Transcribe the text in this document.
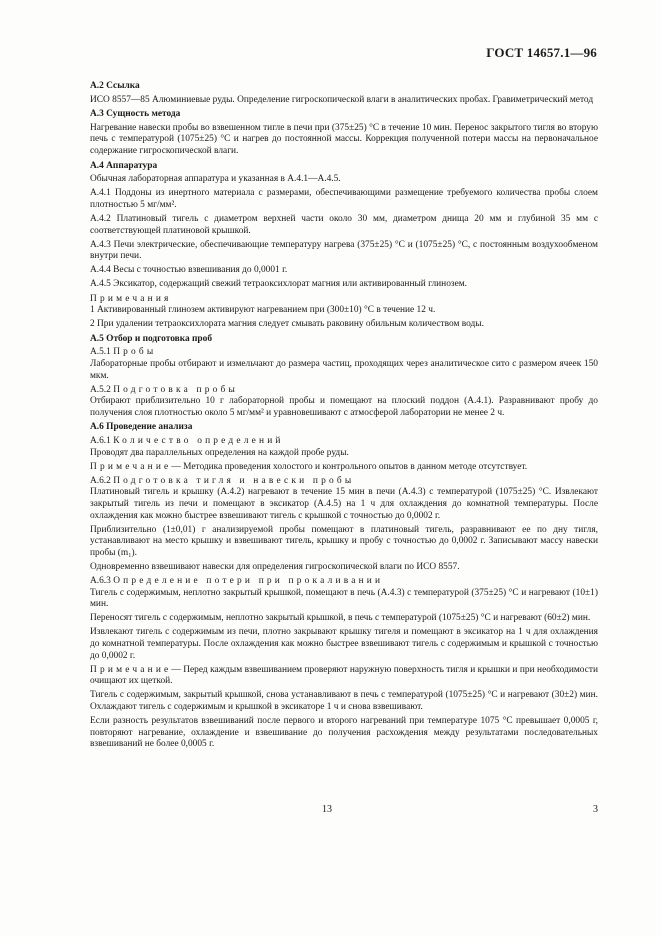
ГОСТ 14657.1—96

А.2 Ссылка

ИСО 8557—85 Алюминиевые руды. Определение гигроскопической влаги в аналитических пробах. Гравиметрический метод

А.3 Сущность метода

Нагревание навески пробы во взвешенном тигле в печи при (375±25) °С в течение 10 мин. Перенос закрытого тигля во вторую печь с температурой (1075±25) °С и нагрев до постоянной массы. Коррекция полученной потери массы на первоначальное содержание гигроскопической влаги.

А.4 Аппаратура

Обычная лабораторная аппаратура и указанная в А.4.1—А.4.5.

А.4.1 Поддоны из инертного материала с размерами, обеспечивающими размещение требуемого количества пробы слоем плотностью 5 мг/мм².

А.4.2 Платиновый тигель с диаметром верхней части около 30 мм, диаметром днища 20 мм и глубиной 35 мм с соответствующей платиновой крышкой.

А.4.3 Печи электрические, обеспечивающие температуру нагрева (375±25) °С и (1075±25) °С, с постоянным воздухообменом внутри печи.

А.4.4 Весы с точностью взвешивания до 0,0001 г.

А.4.5 Эксикатор, содержащий свежий тетраоксихлорат магния или активированный глинозем.

Примечания

1 Активированный глинозем активируют нагреванием при (300±10) °С в течение 12 ч.

2 При удалении тетраоксихлората магния следует смывать раковину обильным количеством воды.

А.5 Отбор и подготовка проб

А.5.1 Пробы

Лабораторные пробы отбирают и измельчают до размера частиц, проходящих через аналитическое сито с размером ячеек 150 мкм.

А.5.2 Подготовка пробы

Отбирают приблизительно 10 г лабораторной пробы и помещают на плоский поддон (А.4.1). Разравнивают пробу до получения слоя плотностью около 5 мг/мм² и уравновешивают с атмосферой лаборатории не менее 2 ч.

А.6 Проведение анализа

А.6.1 Количество определений

Проводят два параллельных определения на каждой пробе руды.

Примечание— Методика проведения холостого и контрольного опытов в данном методе отсутствует.

А.6.2 Подготовка тигля и навески пробы

Платиновый тигель и крышку (А.4.2) нагревают в течение 15 мин в печи (А.4.3) с температурой (1075±25) °С. Извлекают закрытый тигель из печи и помещают в эксикатор (А.4.5) на 1 ч для охлаждения до комнатной температуры. После охлаждения как можно быстрее взвешивают тигель с крышкой с точностью до 0,0002 г.

Приблизительно (1±0,01) г анализируемой пробы помещают в платиновый тигель, разравнивают ее по дну тигля, устанавливают на место крышку и взвешивают тигель, крышку и пробу с точностью до 0,0002 г. Записывают массу навески пробы (m₁).

Одновременно взвешивают навески для определения гигроскопической влаги по ИСО 8557.

А.6.3 Определение потери при прокаливании

Тигель с содержимым, неплотно закрытый крышкой, помещают в печь (А.4.3) с температурой (375±25) °С и нагревают (10±1) мин.

Переносят тигель с содержимым, неплотно закрытый крышкой, в печь с температурой (1075±25) °С и нагревают (60±2) мин.

Извлекают тигель с содержимым из печи, плотно закрывают крышку тигеля и помещают в эксикатор на 1 ч для охлаждения до комнатной температуры. После охлаждения как можно быстрее взвешивают тигель с содержимым и крышкой с точностью до 0,0002 г.

Примечание— Перед каждым взвешиванием проверяют наружную поверхность тигля и крышки и при необходимости очищают их щеткой.

Тигель с содержимым, закрытый крышкой, снова устанавливают в печь с температурой (1075±25) °С и нагревают (30±2) мин. Охлаждают тигель с содержимым и крышкой в эксикаторе 1 ч и снова взвешивают.

Если разность результатов взвешиваний после первого и второго нагреваний при температуре 1075 °С превышает 0,0005 г, повторяют нагревание, охлаждение и взвешивание до получения расхождения между результатами последовательных взвешиваний не более 0,0005 г.

13	3
